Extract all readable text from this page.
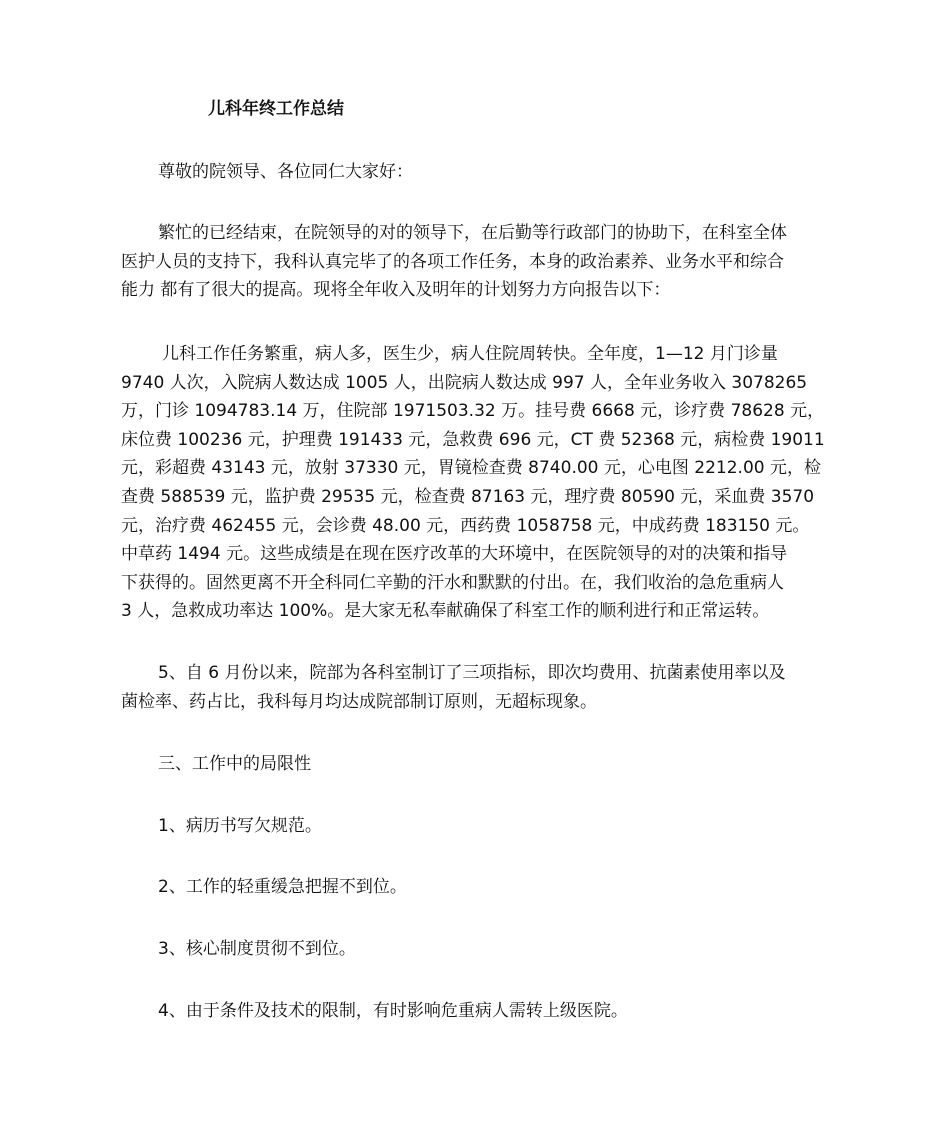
儿科年终工作总结
尊敬的院领导、各位同仁大家好：
繁忙的已经结束，在院领导的对的领导下，在后勤等行政部门的协助下，在科室全体
医护人员的支持下，我科认真完毕了的各项工作任务，本身的政治素养、业务水平和综合
能力 都有了很大的提高。现将全年收入及明年的计划努力方向报告以下：
儿科工作任务繁重，病人多，医生少，病人住院周转快。全年度，1—12 月门诊量
9740 人次，入院病人数达成 1005 人，出院病人数达成 997 人，全年业务收入 3078265
万，门诊 1094783.14 万，住院部 1971503.32 万。挂号费 6668 元，诊疗费 78628 元，
床位费 100236 元，护理费 191433 元，急救费 696 元，CT 费 52368 元，病检费 19011
元，彩超费 43143 元，放射 37330 元，胃镜检查费 8740.00 元，心电图 2212.00 元，检
查费 588539 元，监护费 29535 元，检查费 87163 元，理疗费 80590 元，采血费 3570
元，治疗费 462455 元，会诊费 48.00 元，西药费 1058758 元，中成药费 183150 元。
中草药 1494 元。这些成绩是在现在医疗改革的大环境中，在医院领导的对的决策和指导
下获得的。固然更离不开全科同仁辛勤的汗水和默默的付出。在，我们收治的急危重病人
3 人，急救成功率达 100%。是大家无私奉献确保了科室工作的顺利进行和正常运转。
5、自 6 月份以来，院部为各科室制订了三项指标，即次均费用、抗菌素使用率以及
菌检率、药占比，我科每月均达成院部制订原则，无超标现象。
三、工作中的局限性
1、病历书写欠规范。
2、工作的轻重缓急把握不到位。
3、核心制度贯彻不到位。
4、由于条件及技术的限制，有时影响危重病人需转上级医院。
